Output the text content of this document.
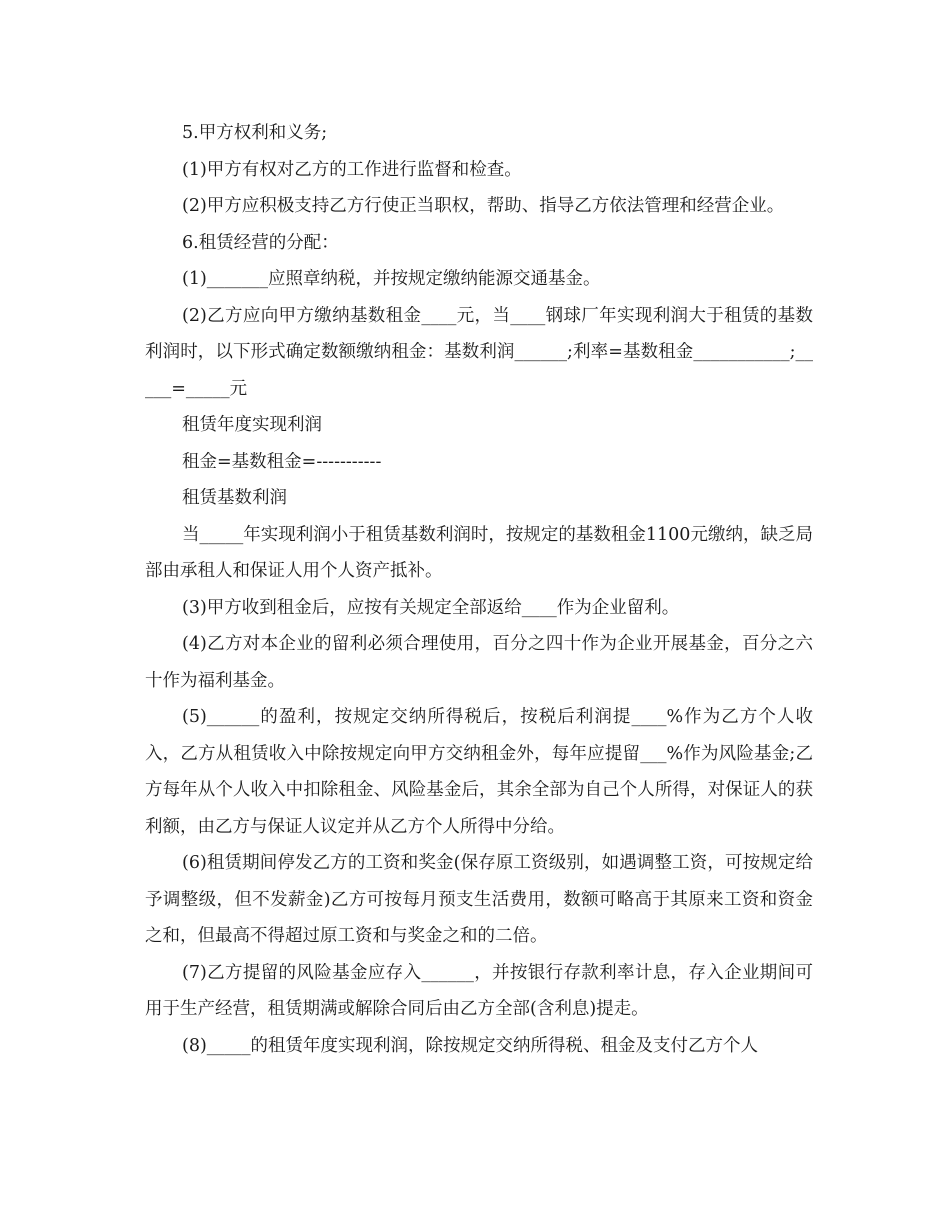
5.甲方权利和义务;

(1)甲方有权对乙方的工作进行监督和检查。

(2)甲方应积极支持乙方行使正当职权，帮助、指导乙方依法管理和经营企业。

6.租赁经营的分配：

(1)_______应照章纳税，并按规定缴纳能源交通基金。

(2)乙方应向甲方缴纳基数租金____元，当____钢球厂年实现利润大于租赁的基数利润时，以下形式确定数额缴纳租金：基数利润______;利率=基数租金___________;_____=_____元

租赁年度实现利润

租金=基数租金=-----------

租赁基数利润

当_____年实现利润小于租赁基数利润时，按规定的基数租金1100元缴纳，缺乏局部由承租人和保证人用个人资产抵补。

(3)甲方收到租金后，应按有关规定全部返给____作为企业留利。

(4)乙方对本企业的留利必须合理使用，百分之四十作为企业开展基金，百分之六十作为福利基金。

(5)______的盈利，按规定交纳所得税后，按税后利润提____%作为乙方个人收入，乙方从租赁收入中除按规定向甲方交纳租金外，每年应提留___%作为风险基金;乙方每年从个人收入中扣除租金、风险基金后，其余全部为自己个人所得，对保证人的获利额，由乙方与保证人议定并从乙方个人所得中分给。

(6)租赁期间停发乙方的工资和奖金(保存原工资级别，如遇调整工资，可按规定给予调整级，但不发薪金)乙方可按每月预支生活费用，数额可略高于其原来工资和资金之和，但最高不得超过原工资和与奖金之和的二倍。

(7)乙方提留的风险基金应存入______，并按银行存款利率计息，存入企业期间可用于生产经营，租赁期满或解除合同后由乙方全部(含利息)提走。

(8)_____的租赁年度实现利润，除按规定交纳所得税、租金及支付乙方个人
